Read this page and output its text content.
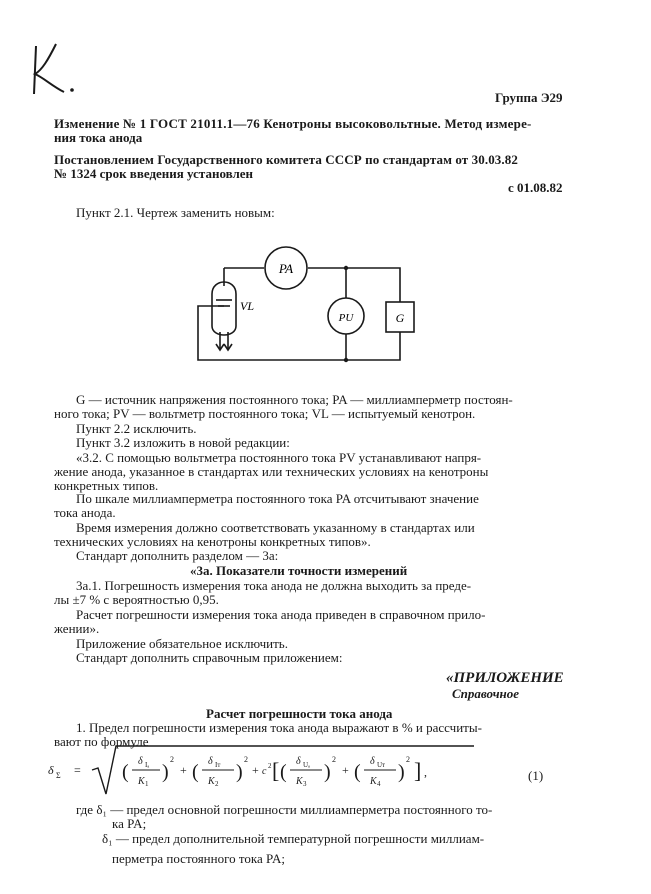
Группа Э29
Изменение № 1 ГОСТ 21011.1—76 Кенотроны высоковольтные. Метод измере-
ния тока анода
Постановлением Государственного комитета СССР по стандартам от 30.03.82
№ 1324 срок введения установлен
с 01.08.82
Пункт 2.1. Чертеж заменить новым:
PA
PU	G
VL
G — источник напряжения постоянного тока; PA — миллиамперметр постоян-
ного тока; PV — вольтметр постоянного тока; VL — испытуемый кенотрон.
Пункт 2.2 исключить.
Пункт 3.2 изложить в новой редакции:
«3.2. С помощью вольтметра постоянного тока PV устанавливают напря-
жение анода, указанное в стандартах или технических условиях на кенотроны
конкретных типов.
По шкале миллиамперметра постоянного тока PA отсчитывают значение
тока анода.
Время измерения должно соответствовать указанному в стандартах или
технических условиях на кенотроны конкретных типов».
Стандарт дополнить разделом — 3а:
«3а. Показатели точности измерений
3а.1. Погрешность измерения тока анода не должна выходить за преде-
лы ±7 % с вероятностью 0,95.
Расчет погрешности измерения тока анода приведен в справочном прило-
жении».
Приложение обязательное исключить.
Стандарт дополнить справочным приложением:
«ПРИЛОЖЕНИЕ
Справочное
Расчет погрешности тока анода
1. Предел погрешности измерения тока анода выражают в % и рассчиты-
вают по формуле
δ Σ = ( δ Iₐ
K 1
)
2
+ ( δ Iт
K 2
)
2
+ c 2 [ ( δ Uₐ
K 3
)
2
+ ( δ Uт
K 4
)
2 ] ,	(1)
где δ₁ — предел основной погрешности миллиамперметра постоянного то-
ка PA;
δ₁ — предел дополнительной температурной погрешности миллиам-
перметра постоянного тока PA;
